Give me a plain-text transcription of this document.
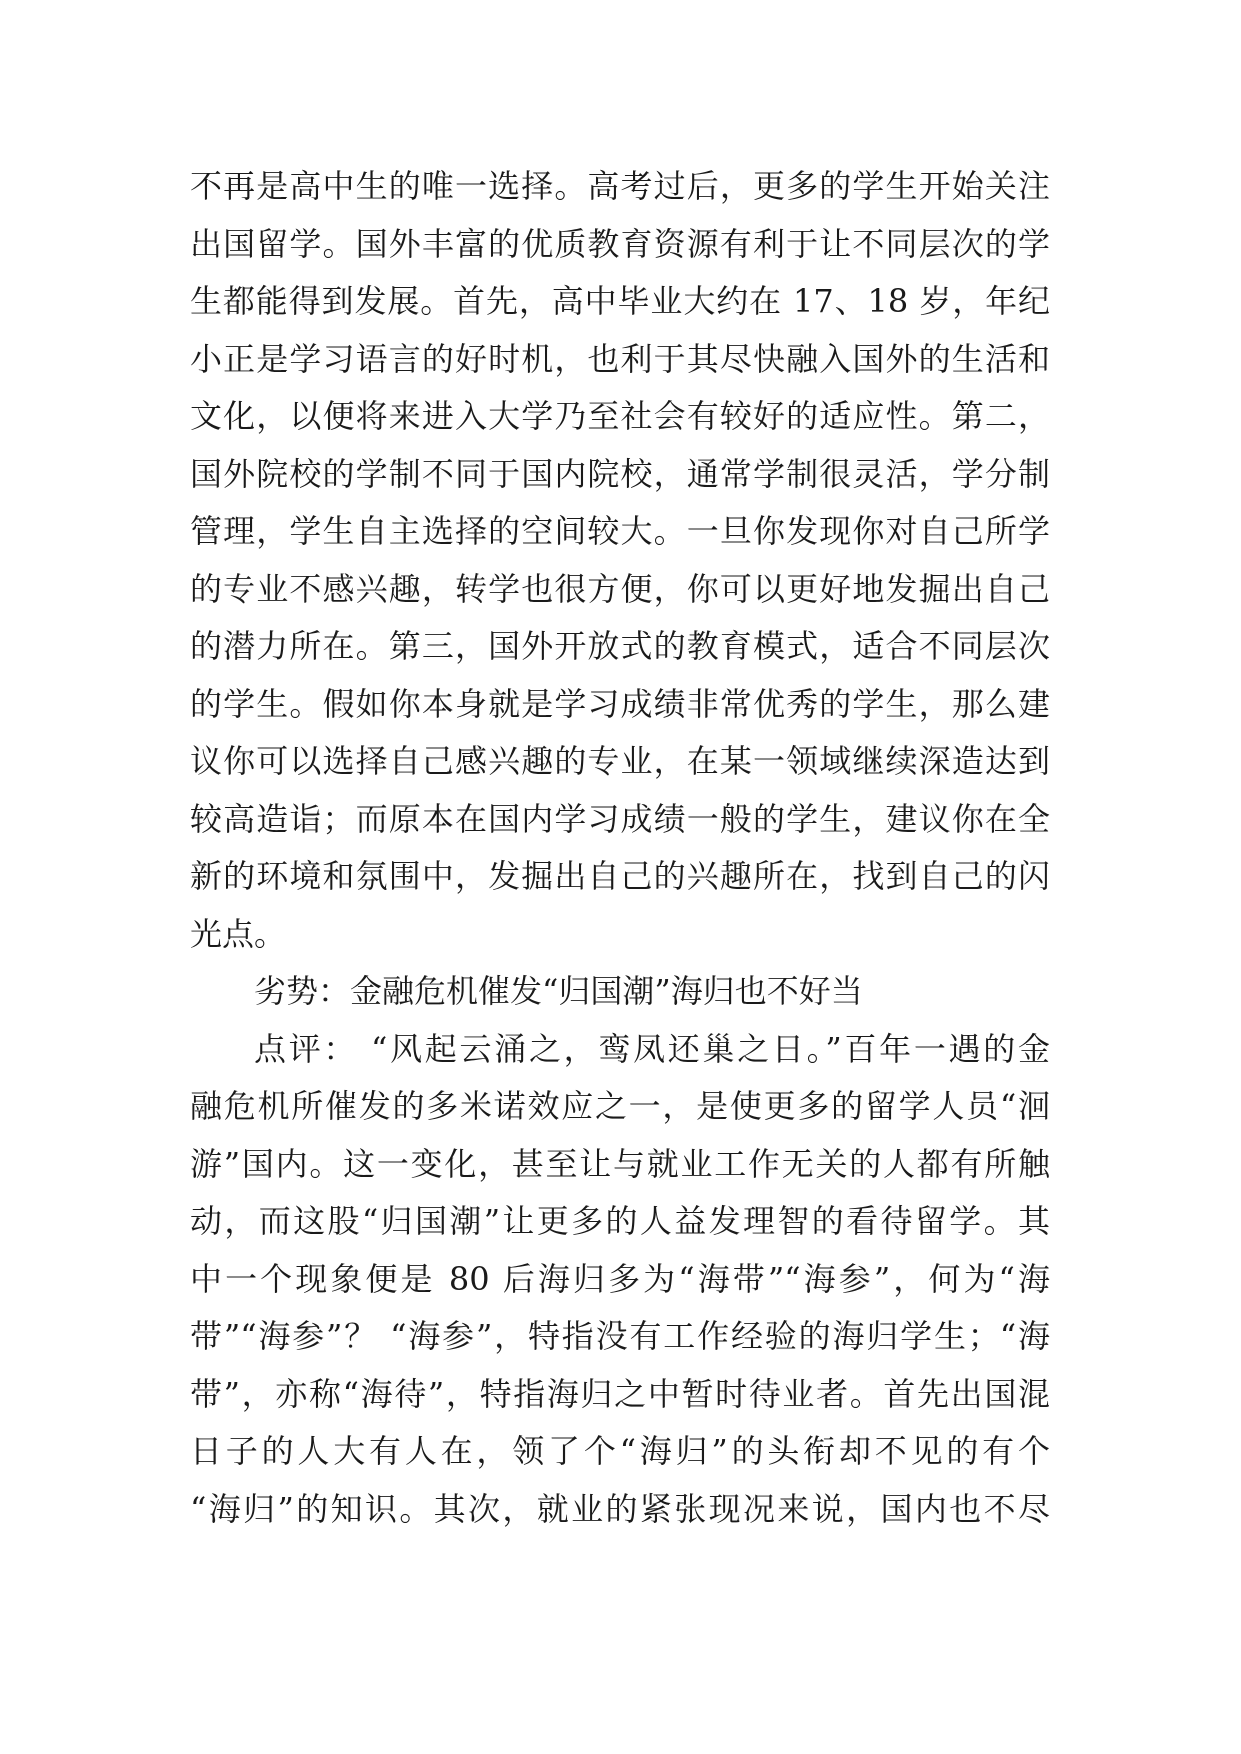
不再是高中生的唯一选择。高考过后，更多的学生开始关注
出国留学。国外丰富的优质教育资源有利于让不同层次的学
生都能得到发展。首先，高中毕业大约在 17、18 岁，年纪
小正是学习语言的好时机，也利于其尽快融入国外的生活和
文化，以便将来进入大学乃至社会有较好的适应性。第二，
国外院校的学制不同于国内院校，通常学制很灵活，学分制
管理，学生自主选择的空间较大。一旦你发现你对自己所学
的专业不感兴趣，转学也很方便，你可以更好地发掘出自己
的潜力所在。第三，国外开放式的教育模式，适合不同层次
的学生。假如你本身就是学习成绩非常优秀的学生，那么建
议你可以选择自己感兴趣的专业，在某一领域继续深造达到
较高造诣；而原本在国内学习成绩一般的学生，建议你在全
新的环境和氛围中，发掘出自己的兴趣所在，找到自己的闪
光点。
劣势：金融危机催发“归国潮”海归也不好当
点评： “风起云涌之，鸾凤还巢之日。”百年一遇的金
融危机所催发的多米诺效应之一，是使更多的留学人员“洄
游”国内。这一变化，甚至让与就业工作无关的人都有所触
动，而这股“归国潮”让更多的人益发理智的看待留学。其
中一个现象便是 80 后海归多为“海带”“海参”，何为“海
带”“海参”？ “海参”，特指没有工作经验的海归学生；“海
带”，亦称“海待”，特指海归之中暂时待业者。首先出国混
日子的人大有人在，领了个“海归”的头衔却不见的有个
“海归”的知识。其次，就业的紧张现况来说，国内也不尽
